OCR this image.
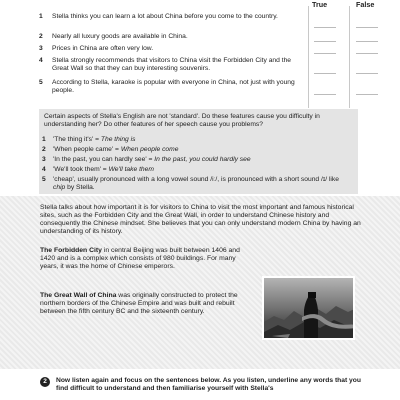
True	False
1	Stella thinks you can learn a lot about China before you come to the country.
2	Nearly all luxury goods are available in China.
3	Prices in China are often very low.
4	Stella strongly recommends that visitors to China visit the Forbidden City and the Great Wall so that they can buy interesting souvenirs.
5	According to Stella, karaoke is popular with everyone in China, not just with young people.

Certain aspects of Stella's English are not 'standard'. Do these features cause you difficulty in understanding her? Do other features of her speech cause you problems?

1	'The thing it's' = The thing is
2	'When people came' = When people come
3	'In the past, you can hardly see' = In the past, you could hardly see
4	'We'll took them' = We'll take them
5	'cheap', usually pronounced with a long vowel sound /iː/, is pronounced with a short sound /ɪ/ like chip by Stella.

Stella talks about how important it is for visitors to China to visit the most important and famous historical sites, such as the Forbidden City and the Great Wall, in order to understand Chinese history and consequently the Chinese mindset. She believes that you can only understand modern China by having an understanding of its history.

The Forbidden City in central Beijing was built between 1406 and 1420 and is a complex which consists of 980 buildings. For many years, it was the home of Chinese emperors.

The Great Wall of China was originally constructed to protect the northern borders of the Chinese Empire and was built and rebuilt between the fifth century BC and the sixteenth century.

2	Now listen again and focus on the sentences below. As you listen, underline any words that you find difficult to understand and then familiarise yourself with Stella's
